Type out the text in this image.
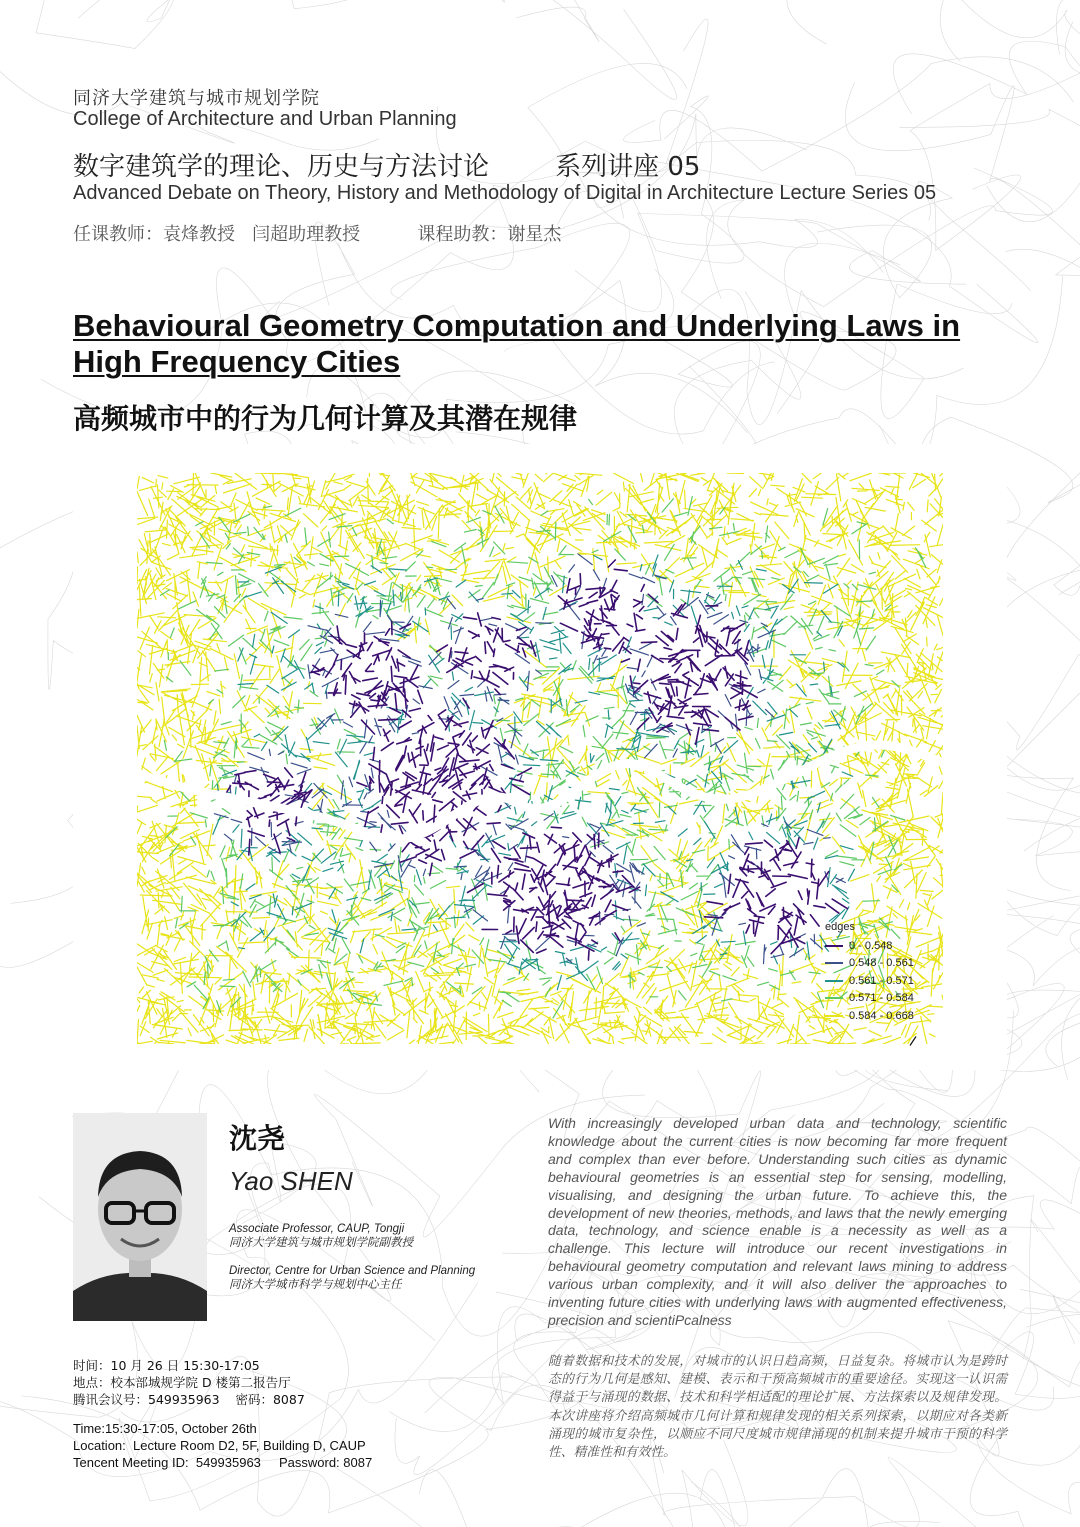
同济大学建筑与城市规划学院
College of Architecture and Urban Planning
数字建筑学的理论、历史与方法讨论        系列讲座 05
Advanced Debate on Theory, History and Methodology of Digital in Architecture Lecture Series 05
任课教师：袁烽教授   闫超助理教授          课程助教：谢星杰
Behavioural Geometry Computation and Underlying Laws in High Frequency Cities
高频城市中的行为几何计算及其潜在规律
edges
0 - 0.548
0.548 - 0.561
0.561 - 0.571
0.571 - 0.584
0.584 - 0.668
沈尧
Yao SHEN
Associate Professor, CAUP, Tongji
同济大学建筑与城市规划学院副教授
Director, Centre for Urban Science and Planning
同济大学城市科学与规划中心主任
With increasingly developed urban data and technology, scientific knowledge about the current cities is now becoming far more frequent and complex than ever before. Understanding such cities as dynamic behavioural geometries is an essential step for sensing, modelling, visualising, and designing the urban future. To achieve this, the development of new theories, methods, and laws that the newly emerging data, technology, and science enable is a necessity as well as a challenge. This lecture will introduce our recent investigations in behavioural geometry computation and relevant laws mining to address various urban complexity, and it will also deliver the approaches to inventing future cities with underlying laws with augmented effectiveness, precision and scientiPcalness
随着数据和技术的发展，对城市的认识日趋高频，日益复杂。将城市认为是跨时态的行为几何是感知、建模、表示和干预高频城市的重要途径。实现这一认识需得益于与涌现的数据、技术和科学相适配的理论扩展、方法探索以及规律发现。本次讲座将介绍高频城市几何计算和规律发现的相关系列探索，以期应对各类新涌现的城市复杂性，以顺应不同尺度城市规律涌现的机制来提升城市干预的科学性、精准性和有效性。
时间：10 月 26 日 15:30-17:05
地点：校本部城规学院 D 楼第二报告厅
腾讯会议号：549935963    密码：8087
Time:15:30-17:05, October 26th
Location:  Lecture Room D2, 5F, Building D, CAUP
Tencent Meeting ID:  549935963     Password: 8087
